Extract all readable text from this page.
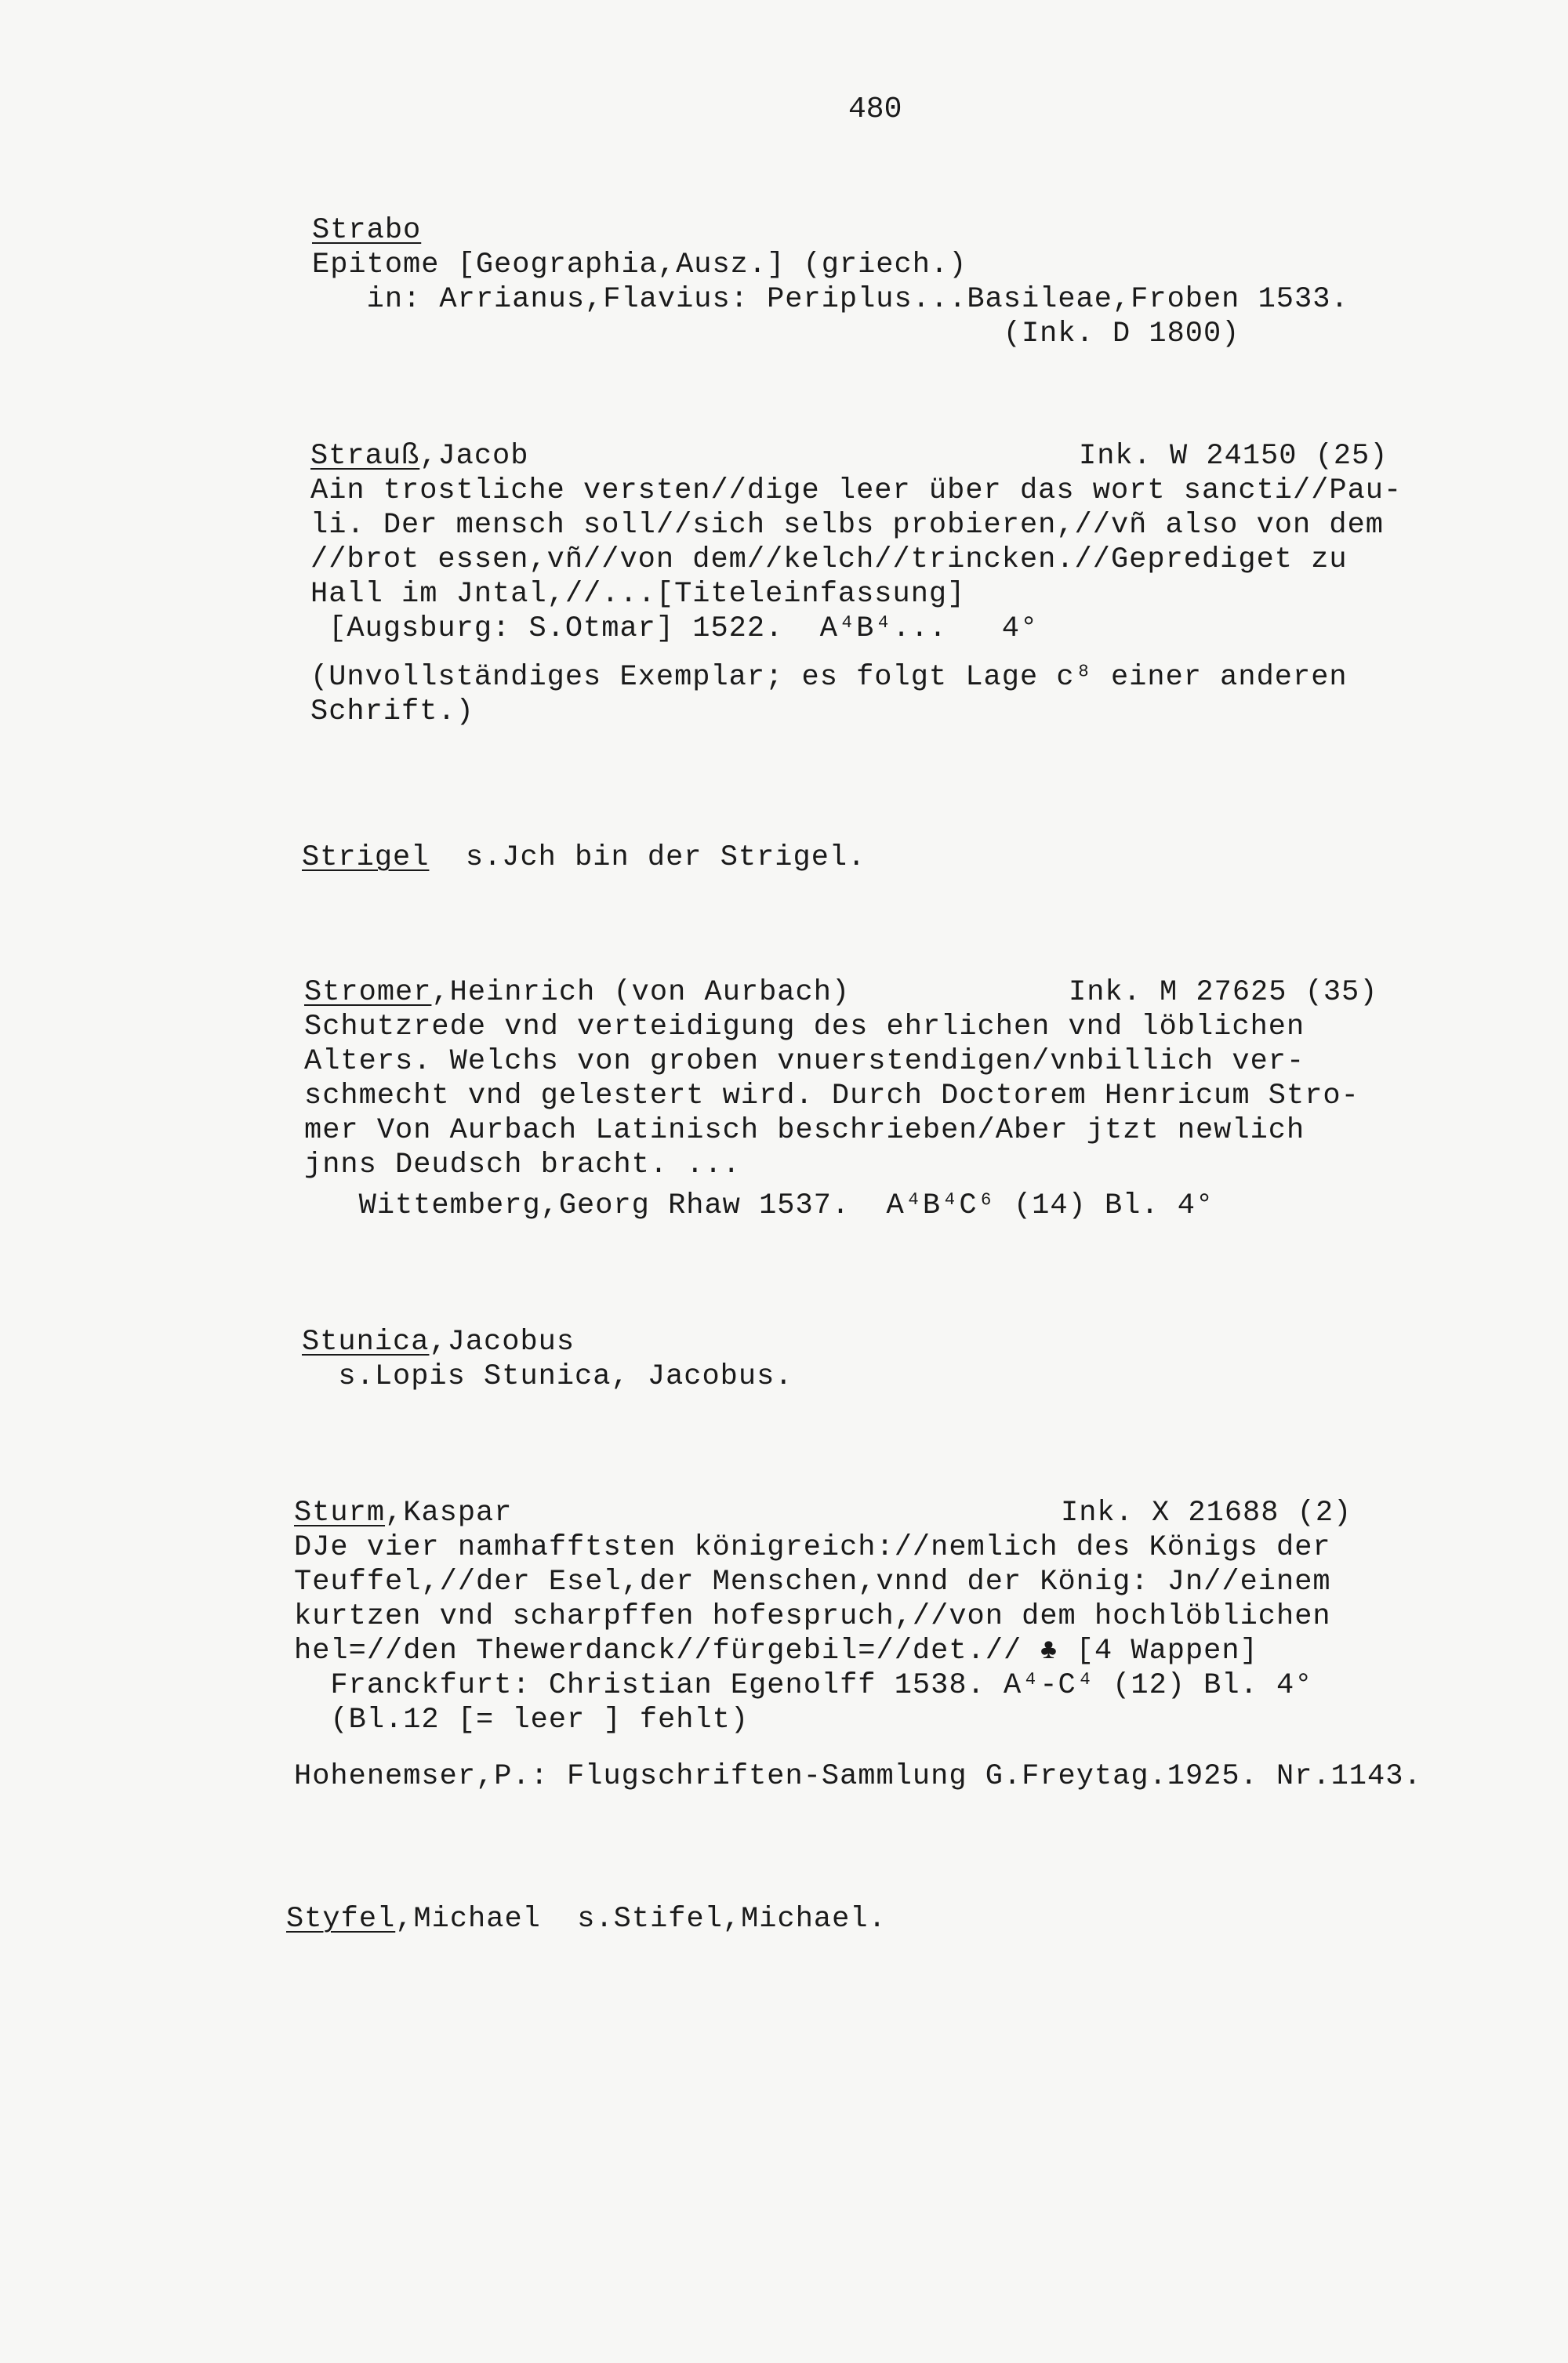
480
Strabo
Epitome [Geographia,Ausz.] (griech.)
in: Arrianus,Flavius: Periplus...Basileae,Froben 1533.
(Ink. D 1800)
Strauß,Jacob
Ain trostliche versten//dige leer über das wort sancti//Pau-
li. Der mensch soll//sich selbs probieren,//vñ also von dem
//brot essen,vñ//von dem//kelch//trincken.//Geprediget zu
Hall im Jntal,//...[Titeleinfassung]
[Augsburg: S.Otmar] 1522.  A⁴B⁴...   4°
(Unvollständiges Exemplar; es folgt Lage c⁸ einer anderen
Schrift.)
Ink. W 24150 (25)
Strigel  s.Jch bin der Strigel.
Stromer,Heinrich (von Aurbach)
Schutzrede vnd verteidigung des ehrlichen vnd löblichen
Alters. Welchs von groben vnuerstendigen/vnbillich ver-
schmecht vnd gelestert wird. Durch Doctorem Henricum Stro-
mer Von Aurbach Latinisch beschrieben/Aber jtzt newlich
jnns Deudsch bracht. ...
Wittemberg,Georg Rhaw 1537.  A⁴B⁴C⁶ (14) Bl. 4°
Ink. M 27625 (35)
Stunica,Jacobus
s.Lopis Stunica, Jacobus.
Sturm,Kaspar
DJe vier namhafftsten königreich://nemlich des Königs der
Teuffel,//der Esel,der Menschen,vnnd der König: Jn//einem
kurtzen vnd scharpffen hofespruch,//von dem hochlöblichen
hel=//den Thewerdanck//fürgebil=//det.// ♣ [4 Wappen]
Franckfurt: Christian Egenolff 1538. A⁴-C⁴ (12) Bl. 4°
(Bl.12 [= leer ] fehlt)
Hohenemser,P.: Flugschriften-Sammlung G.Freytag.1925. Nr.1143.
Ink. X 21688 (2)
Styfel,Michael  s.Stifel,Michael.
